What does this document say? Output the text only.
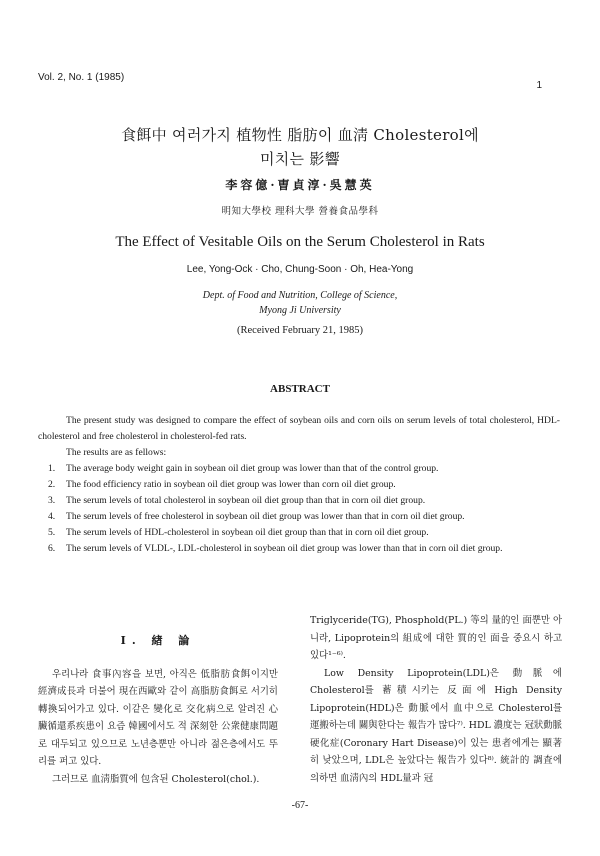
Vol. 2, No. 1 (1985)
1
食餌中 여러가지 植物性 脂肪이 血淸 Cholesterol에
미치는 影響
李容億·曺貞淳·吳慧英
明知大學校 理科大學 營養食品學科
The Effect of Vesitable Oils on the Serum Cholesterol in Rats
Lee, Yong-Ock · Cho, Chung-Soon · Oh, Hea-Yong
Dept. of Food and Nutrition, College of Science,
Myong Ji University
(Received February 21, 1985)
ABSTRACT

The present study was designed to compare the effect of soybean oils and corn oils on serum levels of total cholesterol, HDL-cholesterol and free cholesterol in cholesterol-fed rats.

The results are as fellows:

1. The average body weight gain in soybean oil diet group was lower than that of the control group.
2. The food efficiency ratio in soybean oil diet group was lower than corn oil diet group.
3. The serum levels of total cholesterol in soybean oil diet group than that in corn oil diet group.
4. The serum levels of free cholesterol in soybean oil diet group was lower than that in corn oil diet group.
5. The serum levels of HDL-cholesterol in soybean oil diet group than that in corn oil diet group.
6. The serum levels of VLDL-, LDL-cholesterol in soybean oil diet group was lower than that in corn oil diet group.
Ⅰ. 緖 論

우리나라 食事內容을 보면, 아직은 低脂肪食餌이지만 經濟成長과 더불어 現在西歐와 같이 高脂肪食餌로 서기히 轉換되어가고 있다. 이같은 變化로 交化病으로 알려진 心臟循還系疾患이 요즘 韓國에서도 적 深刻한 公衆健康問題로 대두되고 있으므로 노년층뿐만 아니라 젊은층에서도 뚜리를 퍼고 있다.

그러므로 血淸脂質에 包含된 Cholesterol(chol.).

Triglyceride(TG), Phosphold(PL.) 等의 量的인 面뿐만 아니라, Lipoprotein의 組成에 대한 質的인 面을 중요시 하고 있다¹⁻⁶⁾.

Low Density Lipoprotein(LDL)은 動脈에 Cholesterol를 蓄積시키는 反面에 High Density Lipoprotein(HDL)은 動脈에서 血中으로 Cholesterol를 運搬하는데 關與한다는 報告가 많다⁷⁾. HDL 濃度는 冠狀動脈硬化症(Coronary Hart Disease)이 있는 患者에게는 顯著히 낮았으며, LDL은 높았다는 報告가 있다⁸⁾. 統計的 調査에 의하면 血淸內의 HDL量과 冠

-67-
